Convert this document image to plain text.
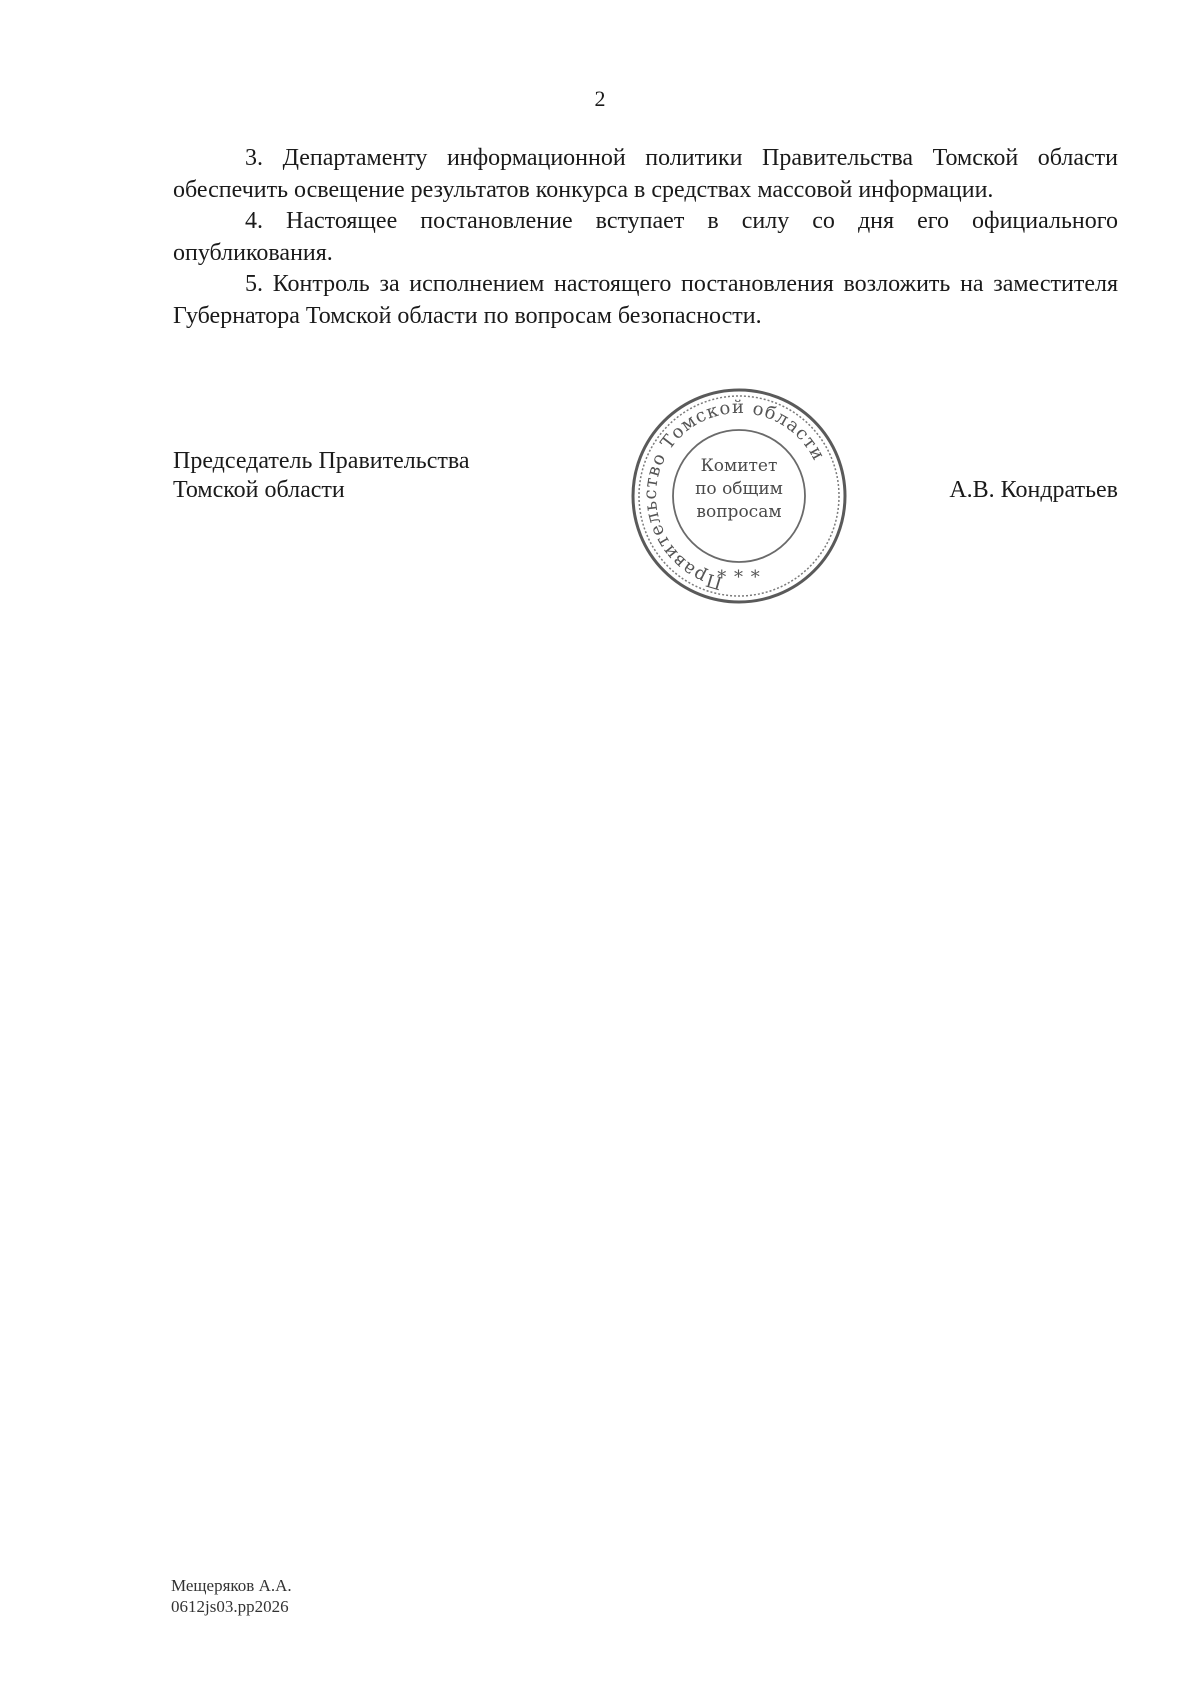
2

3. Департаменту информационной политики Правительства Томской области обеспечить освещение результатов конкурса в средствах массовой информации.

4. Настоящее постановление вступает в силу со дня его официального опубликования.

5. Контроль за исполнением настоящего постановления возложить на заместителя Губернатора Томской области по вопросам безопасности.

Председатель Правительства
Томской области
Правительство Томской области
* * *
Комитет
по общим
вопросам
А.В. Кондратьев
Мещеряков А.А.
0612js03.pp2026
